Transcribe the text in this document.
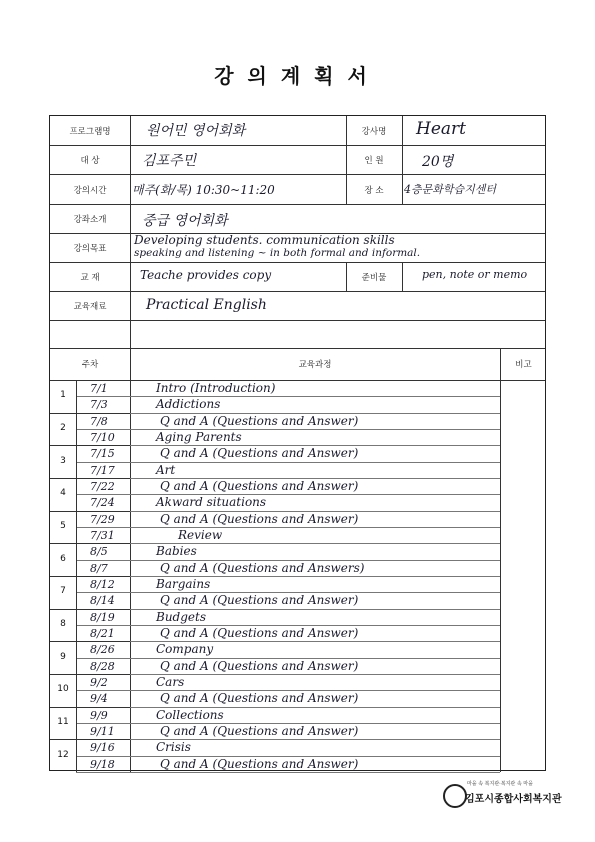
강의계획서
프로그램명	원어민 영어회화	강사명	Heart
대 상	김포주민	인 원	20명
강의시간	매주(화/목) 10:30~11:20	장 소	4층문화학습지센터
강좌소개	중급 영어회화
강의목표
Developing students. communication skills
speaking and listening ~ in both formal and informal.
교 재	Teache provides copy	준비물	pen, note or memo
교육재료	Practical English
주차	교육과정	비고
1
7/1	Intro (Introduction)
7/3	Addictions
2
7/8	Q and A (Questions and Answer)
7/10	Aging Parents
3
7/15	Q and A (Questions and Answer)
7/17	Art
4
7/22	Q and A (Questions and Answer)
7/24	Akward situations
5
7/29	Q and A (Questions and Answer)
7/31	Review
6
8/5	Babies
8/7	Q and A (Questions and Answers)
7
8/12	Bargains
8/14	Q and A (Questions and Answer)
8
8/19	Budgets
8/21	Q and A (Questions and Answer)
9
8/26	Company
8/28	Q and A (Questions and Answer)
10
9/2	Cars
9/4	Q and A (Questions and Answer)
11
9/9	Collections
9/11	Q and A (Questions and Answer)
12
9/16	Crisis
9/18	Q and A (Questions and Answer)
마을 속 복지관·복지관 속 마을
김포시종합사회복지관
